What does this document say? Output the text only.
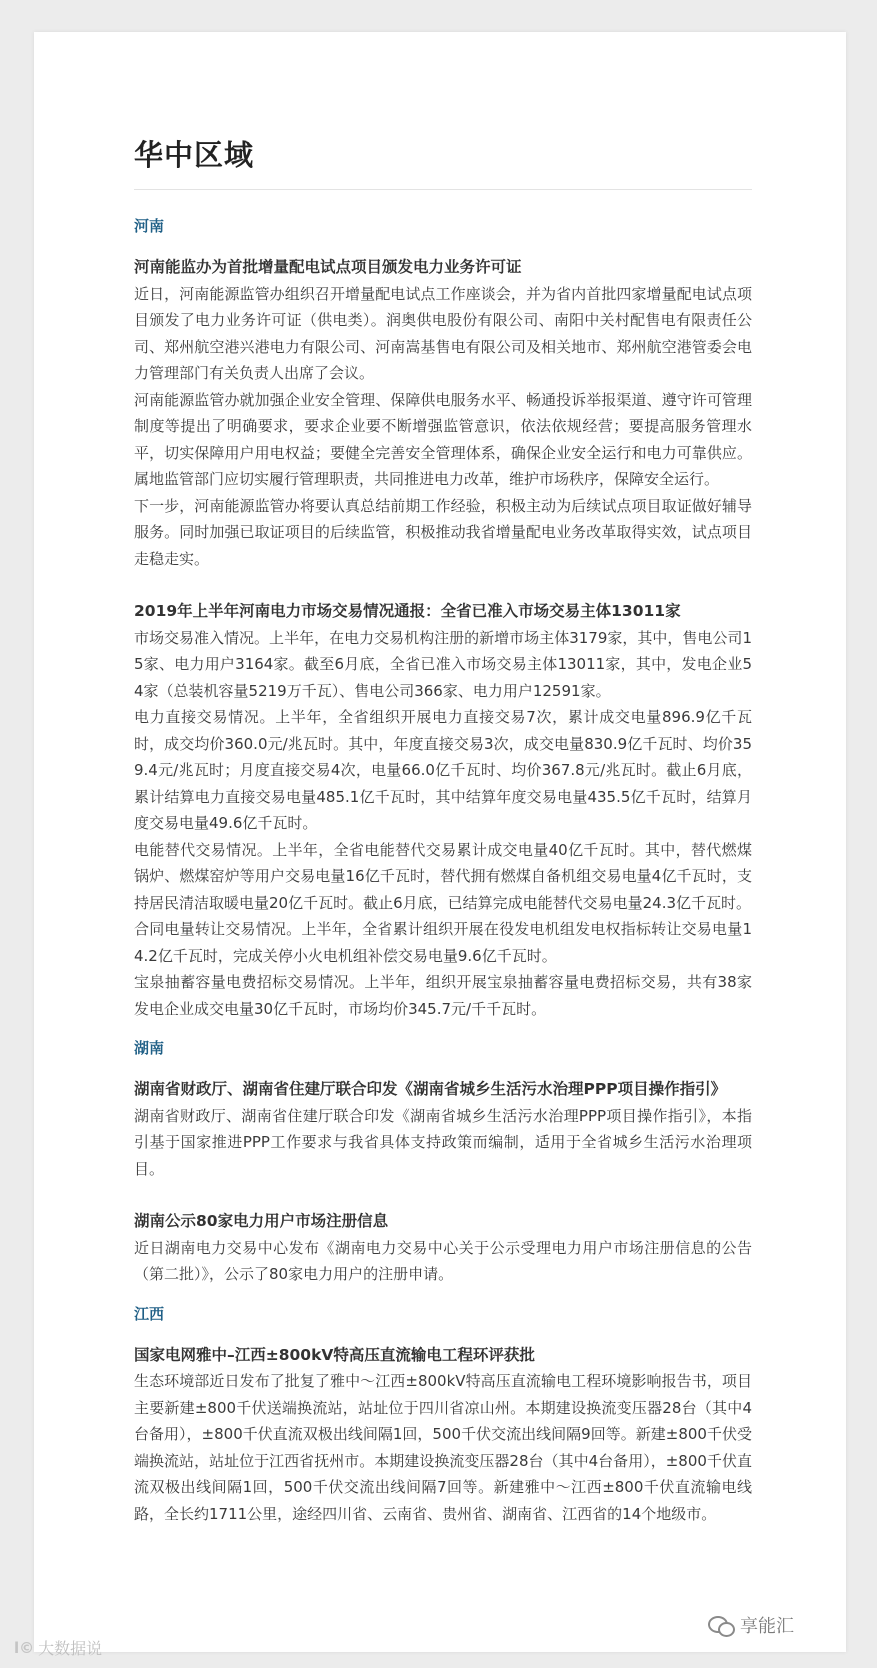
华中区域
河南
河南能监办为首批增量配电试点项目颁发电力业务许可证

近日，河南能源监管办组织召开增量配电试点工作座谈会，并为省内首批四家增量配电试点项目颁发了电力业务许可证（供电类）。润奥供电股份有限公司、南阳中关村配售电有限责任公司、郑州航空港兴港电力有限公司、河南嵩基售电有限公司及相关地市、郑州航空港管委会电力管理部门有关负责人出席了会议。

河南能源监管办就加强企业安全管理、保障供电服务水平、畅通投诉举报渠道、遵守许可管理制度等提出了明确要求，要求企业要不断增强监管意识，依法依规经营；要提高服务管理水平，切实保障用户用电权益；要健全完善安全管理体系，确保企业安全运行和电力可靠供应。属地监管部门应切实履行管理职责，共同推进电力改革，维护市场秩序，保障安全运行。

下一步，河南能源监管办将要认真总结前期工作经验，积极主动为后续试点项目取证做好辅导服务。同时加强已取证项目的后续监管，积极推动我省增量配电业务改革取得实效，试点项目走稳走实。

2019年上半年河南电力市场交易情况通报：全省已准入市场交易主体13011家

市场交易准入情况。上半年，在电力交易机构注册的新增市场主体3179家，其中，售电公司15家、电力用户3164家。截至6月底，全省已准入市场交易主体13011家，其中，发电企业54家（总装机容量5219万千瓦）、售电公司366家、电力用户12591家。

电力直接交易情况。上半年，全省组织开展电力直接交易7次，累计成交电量896.9亿千瓦时，成交均价360.0元/兆瓦时。其中，年度直接交易3次，成交电量830.9亿千瓦时、均价359.4元/兆瓦时；月度直接交易4次，电量66.0亿千瓦时、均价367.8元/兆瓦时。截止6月底，累计结算电力直接交易电量485.1亿千瓦时，其中结算年度交易电量435.5亿千瓦时，结算月度交易电量49.6亿千瓦时。

电能替代交易情况。上半年，全省电能替代交易累计成交电量40亿千瓦时。其中，替代燃煤锅炉、燃煤窑炉等用户交易电量16亿千瓦时，替代拥有燃煤自备机组交易电量4亿千瓦时，支持居民清洁取暖电量20亿千瓦时。截止6月底，已结算完成电能替代交易电量24.3亿千瓦时。

合同电量转让交易情况。上半年，全省累计组织开展在役发电机组发电权指标转让交易电量14.2亿千瓦时，完成关停小火电机组补偿交易电量9.6亿千瓦时。

宝泉抽蓄容量电费招标交易情况。上半年，组织开展宝泉抽蓄容量电费招标交易，共有38家发电企业成交电量30亿千瓦时，市场均价345.7元/千千瓦时。

湖南
湖南省财政厅、湖南省住建厅联合印发《湖南省城乡生活污水治理PPP项目操作指引》

湖南省财政厅、湖南省住建厅联合印发《湖南省城乡生活污水治理PPP项目操作指引》，本指引基于国家推进PPP工作要求与我省具体支持政策而编制，适用于全省城乡生活污水治理项目。

湖南公示80家电力用户市场注册信息

近日湖南电力交易中心发布《湖南电力交易中心关于公示受理电力用户市场注册信息的公告（第二批）》，公示了80家电力用户的注册申请。

江西
国家电网雅中–江西±800kV特高压直流输电工程环评获批

生态环境部近日发布了批复了雅中～江西±800kV特高压直流输电工程环境影响报告书，项目主要新建±800千伏送端换流站，站址位于四川省凉山州。本期建设换流变压器28台（其中4台备用），±800千伏直流双极出线间隔1回，500千伏交流出线间隔9回等。新建±800千伏受端换流站，站址位于江西省抚州市。本期建设换流变压器28台（其中4台备用），±800千伏直流双极出线间隔1回，500千伏交流出线间隔7回等。新建雅中～江西±800千伏直流输电线路，全长约1711公里，途经四川省、云南省、贵州省、湖南省、江西省的14个地级市。

l© 大数据说
享能汇
